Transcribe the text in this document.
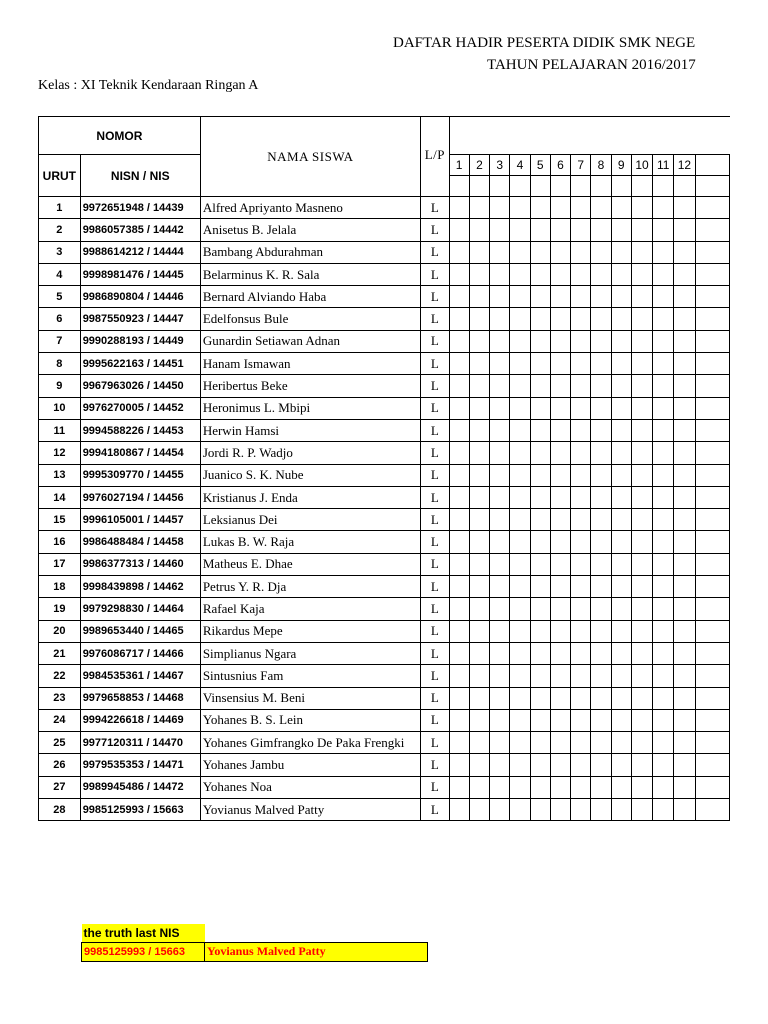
DAFTAR HADIR PESERTA DIDIK SMK NEGE
TAHUN PELAJARAN 2016/2017
Kelas : XI Teknik Kendaraan Ringan A
NOMOR		NAMA SISWA	L/P													
URUT	NISN / NIS			1	2	3	4	5	6	7	8	9	10	11	12	

1	9972651948 / 14439	Alfred Apriyanto Masneno	L													
2	9986057385 / 14442	Anisetus B. Jelala	L													
3	9988614212 / 14444	Bambang Abdurahman	L													
4	9998981476 / 14445	Belarminus K. R. Sala	L													
5	9986890804 / 14446	Bernard Alviando Haba	L													
6	9987550923 / 14447	Edelfonsus Bule	L													
7	9990288193 / 14449	Gunardin Setiawan Adnan	L													
8	9995622163 / 14451	Hanam Ismawan	L													
9	9967963026 / 14450	Heribertus Beke	L													
10	9976270005 / 14452	Heronimus L. Mbipi	L													
11	9994588226 / 14453	Herwin Hamsi	L													
12	9994180867 / 14454	Jordi R. P. Wadjo	L													
13	9995309770 / 14455	Juanico S. K. Nube	L													
14	9976027194 / 14456	Kristianus J. Enda	L													
15	9996105001 / 14457	Leksianus Dei	L													
16	9986488484 / 14458	Lukas B. W. Raja	L													
17	9986377313 / 14460	Matheus E. Dhae	L													
18	9998439898 / 14462	Petrus Y. R. Dja	L													
19	9979298830 / 14464	Rafael Kaja	L													
20	9989653440 / 14465	Rikardus Mepe	L													
21	9976086717 / 14466	Simplianus Ngara	L													
22	9984535361 / 14467	Sintusnius Fam	L													
23	9979658853 / 14468	Vinsensius M. Beni	L													
24	9994226618 / 14469	Yohanes B. S. Lein	L													
25	9977120311 / 14470	Yohanes Gimfrangko De Paka Frengki	L													
26	9979535353 / 14471	Yohanes Jambu	L													
27	9989945486 / 14472	Yohanes Noa	L													
28	9985125993 / 15663	Yovianus Malved Patty	L													
the truth last NIS	
9985125993 / 15663	Yovianus Malved Patty
